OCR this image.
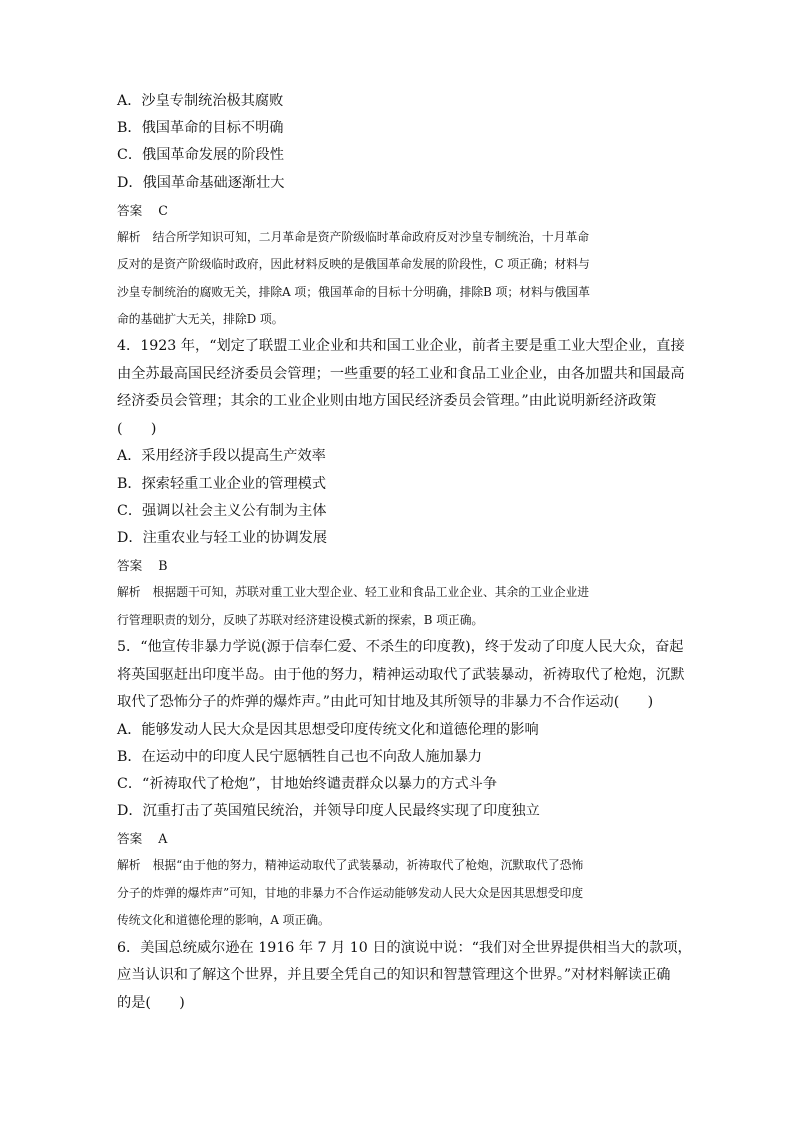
A．沙皇专制统治极其腐败
B．俄国革命的目标不明确
C．俄国革命发展的阶段性
D．俄国革命基础逐渐壮大
答案 C
解析 结合所学知识可知，二月革命是资产阶级临时革命政府反对沙皇专制统治，十月革命
反对的是资产阶级临时政府，因此材料反映的是俄国革命发展的阶段性，C 项正确；材料与
沙皇专制统治的腐败无关，排除A 项；俄国革命的目标十分明确，排除B 项；材料与俄国革
命的基础扩大无关，排除D 项。
4．1923 年，“划定了联盟工业企业和共和国工业企业，前者主要是重工业大型企业，直接
由全苏最高国民经济委员会管理；一些重要的轻工业和食品工业企业，由各加盟共和国最高
经济委员会管理；其余的工业企业则由地方国民经济委员会管理。”由此说明新经济政策
(　　)
A．采用经济手段以提高生产效率
B．探索轻重工业企业的管理模式
C．强调以社会主义公有制为主体
D．注重农业与轻工业的协调发展
答案 B
解析 根据题干可知，苏联对重工业大型企业、轻工业和食品工业企业、其余的工业企业进
行管理职责的划分，反映了苏联对经济建设模式新的探索，B 项正确。
5．“他宣传非暴力学说(源于信奉仁爱、不杀生的印度教)，终于发动了印度人民大众，奋起
将英国驱赶出印度半岛。由于他的努力，精神运动取代了武装暴动，祈祷取代了枪炮，沉默
取代了恐怖分子的炸弹的爆炸声。”由此可知甘地及其所领导的非暴力不合作运动(　　)
A．能够发动人民大众是因其思想受印度传统文化和道德伦理的影响
B．在运动中的印度人民宁愿牺牲自己也不向敌人施加暴力
C．“祈祷取代了枪炮”，甘地始终谴责群众以暴力的方式斗争
D．沉重打击了英国殖民统治，并领导印度人民最终实现了印度独立
答案 A
解析 根据“由于他的努力，精神运动取代了武装暴动，祈祷取代了枪炮，沉默取代了恐怖
分子的炸弹的爆炸声”可知，甘地的非暴力不合作运动能够发动人民大众是因其思想受印度
传统文化和道德伦理的影响，A 项正确。
6．美国总统威尔逊在 1916 年 7 月 10 日的演说中说：“我们对全世界提供相当大的款项，
应当认识和了解这个世界，并且要全凭自己的知识和智慧管理这个世界。”对材料解读正确
的是(　　)
